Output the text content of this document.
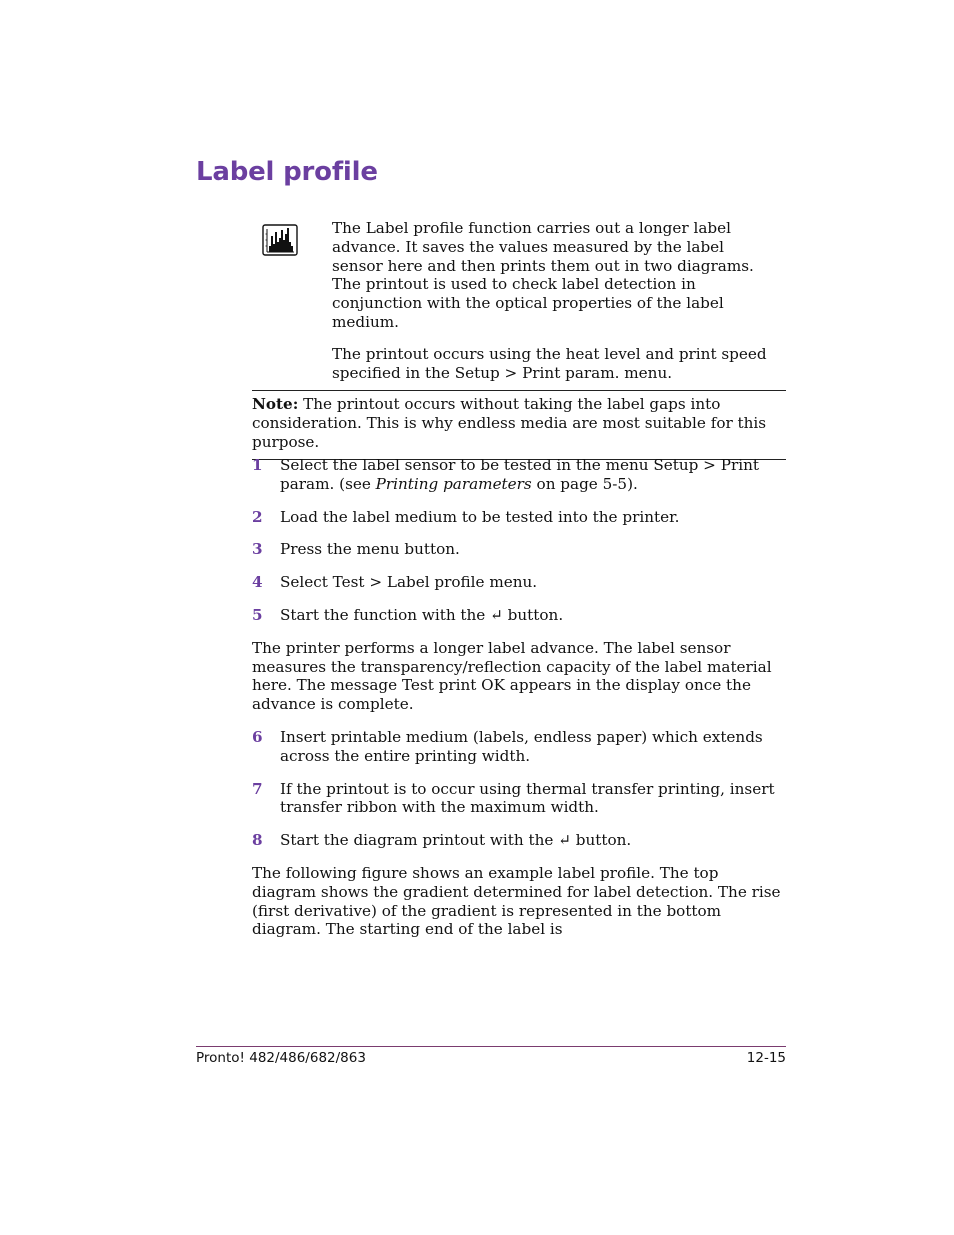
Label profile

The Label profile function carries out a longer label advance. It saves the values measured by the label sensor here and then prints them out in two diagrams. The printout is used to check label detection in conjunction with the optical properties of the label medium.

The printout occurs using the heat level and print speed specified in the Setup > Print param. menu.

Note: The printout occurs without taking the label gaps into consideration. This is why endless media are most suitable for this purpose.
1	Select the label sensor to be tested in the menu Setup > Print param. (see Printing parameters on page 5-5).
2	Load the label medium to be tested into the printer.
3	Press the menu button.
4	Select Test > Label profile menu.
5	Start the function with the ↵ button.

The printer performs a longer label advance. The label sensor measures the transparency/reflection capacity of the label material here. The message Test print OK appears in the display once the advance is complete.

6	Insert printable medium (labels, endless paper) which extends across the entire printing width.
7	If the printout is to occur using thermal transfer printing, insert transfer ribbon with the maximum width.
8	Start the diagram printout with the ↵ button.

The following figure shows an example label profile. The top diagram shows the gradient determined for label detection. The rise (first derivative) of the gradient is represented in the bottom diagram. The starting end of the label is

Pronto! 482/486/682/863	12-15
